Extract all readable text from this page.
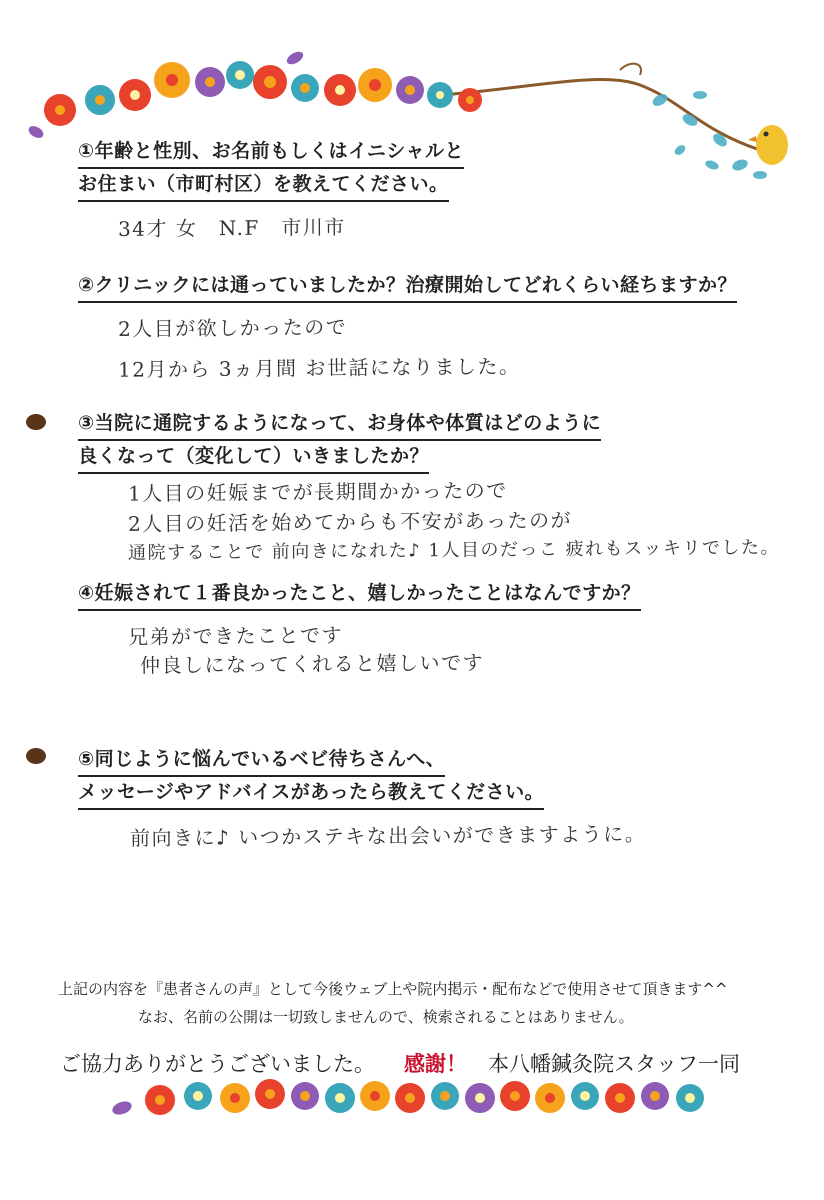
①年齢と性別、お名前もしくはイニシャルと
お住まい（市町村区）を教えてください。
34才 女　N.F　市川市
②クリニックには通っていましたか？治療開始してどれくらい経ちますか？
2人目が欲しかったので
12月から 3ヵ月間 お世話になりました。
③当院に通院するようになって、お身体や体質はどのように
良くなって（変化して）いきましたか？
1人目の妊娠までが長期間かかったので
2人目の妊活を始めてからも不安があったのが
通院することで 前向きになれた♪ 1人目のだっこ 疲れもスッキリでした。
④妊娠されて１番良かったこと、嬉しかったことはなんですか？
兄弟ができたことです
仲良しになってくれると嬉しいです
⑤同じように悩んでいるベビ待ちさんへ、
メッセージやアドバイスがあったら教えてください。
前向きに♪ いつかステキな出会いができますように。
上記の内容を『患者さんの声』として今後ウェブ上や院内掲示・配布などで使用させて頂きます^^
なお、名前の公開は一切致しませんので、検索されることはありません。
ご協力ありがとうございました。 感謝！ 本八幡鍼灸院スタッフ一同
